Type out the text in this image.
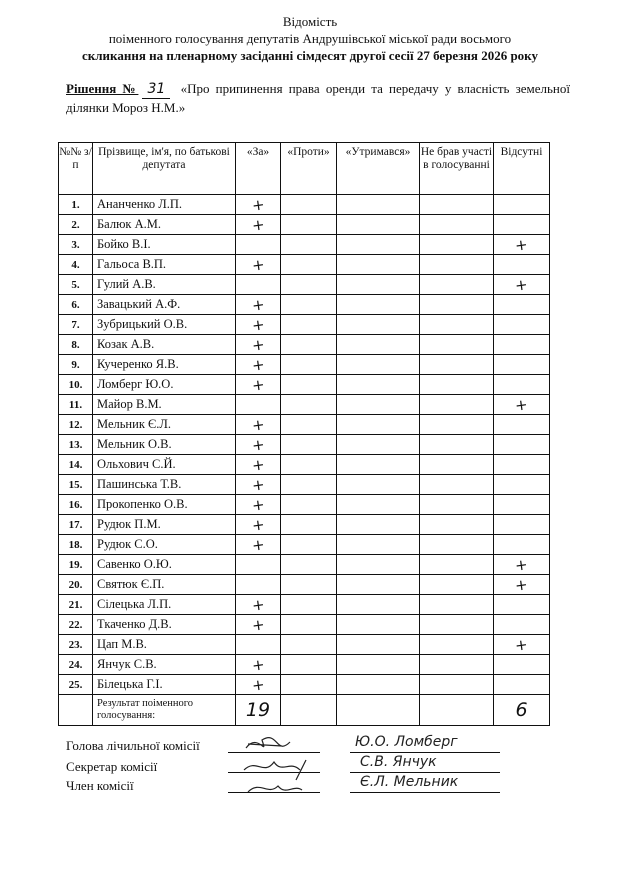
Відомість
поіменного голосування депутатів Андрушівської міської ради восьмого
скликання на пленарному засіданні сімдесят другої сесії 27 березня 2026 року
Рішення № 31 «Про припинення права оренди та передачу у власність земельної ділянки Мороз Н.М.»
№№ з/п	Прізвище, ім'я, по батькові депутата	«За»	«Проти»	«Утримався»	Не брав участі в голосуванні	Відсутні
1.	Ананченко Л.П.	+				
2.	Балюк А.М.	+				
3.	Бойко В.І.					+
4.	Гальоса В.П.	+				
5.	Гулий А.В.					+
6.	Завацький А.Ф.	+				
7.	Зубрицький О.В.	+				
8.	Козак А.В.	+				
9.	Кучеренко Я.В.	+				
10.	Ломберг Ю.О.	+				
11.	Майор В.М.					+
12.	Мельник Є.Л.	+				
13.	Мельник О.В.	+				
14.	Ольхович С.Й.	+				
15.	Пашинська Т.В.	+				
16.	Прокопенко О.В.	+				
17.	Рудюк П.М.	+				
18.	Рудюк С.О.	+				
19.	Савенко О.Ю.					+
20.	Святюк Є.П.					+
21.	Сілецька Л.П.	+				
22.	Ткаченко Д.В.	+				
23.	Цап М.В.					+
24.	Янчук С.В.	+				
25.	Білецька Г.І.	+				
	Результат поіменного голосування:	19				6
Голова лічильної комісії
Секретар комісії
Член комісії
Ю.О. Ломберг
С.В. Янчук
Є.Л. Мельник
